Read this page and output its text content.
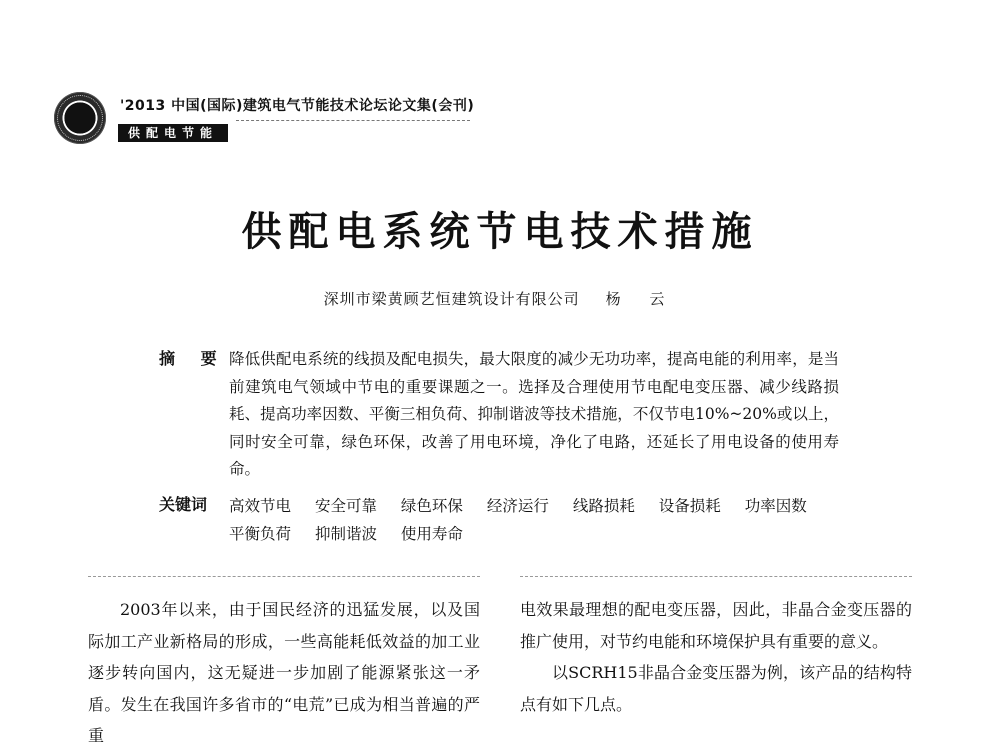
'2013 中国(国际)建筑电气节能技术论坛论文集(会刊)
供配电节能
供配电系统节电技术措施
深圳市梁黄顾艺恒建筑设计有限公司 杨 云
摘 要 降低供配电系统的线损及配电损失，最大限度的减少无功功率，提高电能的利用率，是当前建筑电气领域中节电的重要课题之一。选择及合理使用节电配电变压器、减少线路损耗、提高功率因数、平衡三相负荷、抑制谐波等技术措施，不仅节电10%~20%或以上，同时安全可靠，绿色环保，改善了用电环境，净化了电路，还延长了用电设备的使用寿命。
关键词 高效节电 安全可靠 绿色环保 经济运行 线路损耗 设备损耗 功率因数 平衡负荷 抑制谐波 使用寿命

2003年以来，由于国民经济的迅猛发展，以及国际加工产业新格局的形成，一些高能耗低效益的加工业逐步转向国内，这无疑进一步加剧了能源紧张这一矛盾。发生在我国许多省市的“电荒”已成为相当普遍的严重

电效果最理想的配电变压器，因此，非晶合金变压器的推广使用，对节约电能和环境保护具有重要的意义。

以SCRH15非晶合金变压器为例，该产品的结构特点有如下几点。
